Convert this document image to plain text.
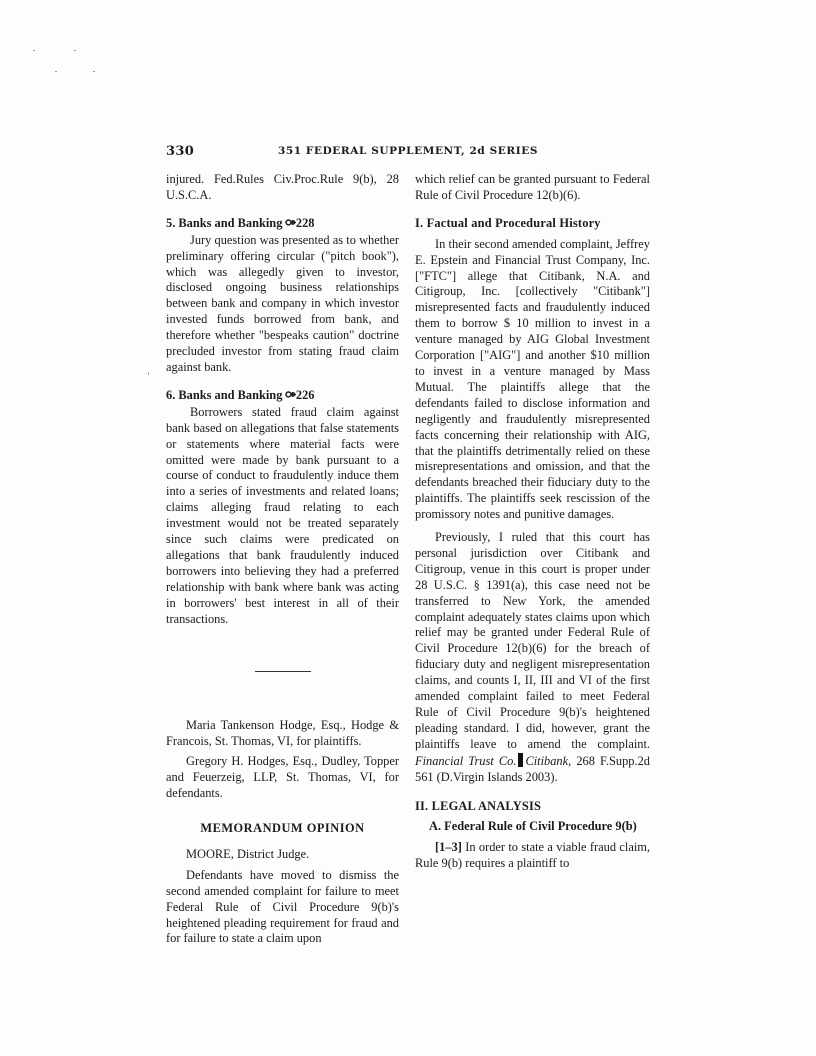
330	351 FEDERAL SUPPLEMENT, 2d SERIES

injured. Fed.Rules Civ.Proc.Rule 9(b), 28 U.S.C.A.

5. Banks and Banking ⚩228

Jury question was presented as to whether preliminary offering circular ("pitch book"), which was allegedly given to investor, disclosed ongoing business relationships between bank and company in which investor invested funds borrowed from bank, and therefore whether "bespeaks caution" doctrine precluded investor from stating fraud claim against bank.

6. Banks and Banking ⚩226

Borrowers stated fraud claim against bank based on allegations that false statements or statements where material facts were omitted were made by bank pursuant to a course of conduct to fraudulently induce them into a series of investments and related loans; claims alleging fraud relating to each investment would not be treated separately since such claims were predicated on allegations that bank fraudulently induced borrowers into believing they had a preferred relationship with bank where bank was acting in borrowers' best interest in all of their transactions.

Maria Tankenson Hodge, Esq., Hodge & Francois, St. Thomas, VI, for plaintiffs.

Gregory H. Hodges, Esq., Dudley, Topper and Feuerzeig, LLP, St. Thomas, VI, for defendants.

MEMORANDUM OPINION

MOORE, District Judge.

Defendants have moved to dismiss the second amended complaint for failure to meet Federal Rule of Civil Procedure 9(b)'s heightened pleading requirement for fraud and for failure to state a claim upon

which relief can be granted pursuant to Federal Rule of Civil Procedure 12(b)(6).

I. Factual and Procedural History

In their second amended complaint, Jeffrey E. Epstein and Financial Trust Company, Inc. ["FTC"] allege that Citibank, N.A. and Citigroup, Inc. [collectively "Citibank"] misrepresented facts and fraudulently induced them to borrow $ 10 million to invest in a venture managed by AIG Global Investment Corporation ["AIG"] and another $10 million to invest in a venture managed by Mass Mutual. The plaintiffs allege that the defendants failed to disclose information and negligently and fraudulently misrepresented facts concerning their relationship with AIG, that the plaintiffs detrimentally relied on these misrepresentations and omission, and that the defendants breached their fiduciary duty to the plaintiffs. The plaintiffs seek rescission of the promissory notes and punitive damages.

Previously, I ruled that this court has personal jurisdiction over Citibank and Citigroup, venue in this court is proper under 28 U.S.C. § 1391(a), this case need not be transferred to New York, the amended complaint adequately states claims upon which relief may be granted under Federal Rule of Civil Procedure 12(b)(6) for the breach of fiduciary duty and negligent misrepresentation claims, and counts I, II, III and VI of the first amended complaint failed to meet Federal Rule of Civil Procedure 9(b)'s heightened pleading standard. I did, however, grant the plaintiffs leave to amend the complaint. Financial Trust Co. Citibank, 268 F.Supp.2d 561 (D.Virgin Islands 2003).

II. LEGAL ANALYSIS

A. Federal Rule of Civil Procedure 9(b)

[1–3] In order to state a viable fraud claim, Rule 9(b) requires a plaintiff to
